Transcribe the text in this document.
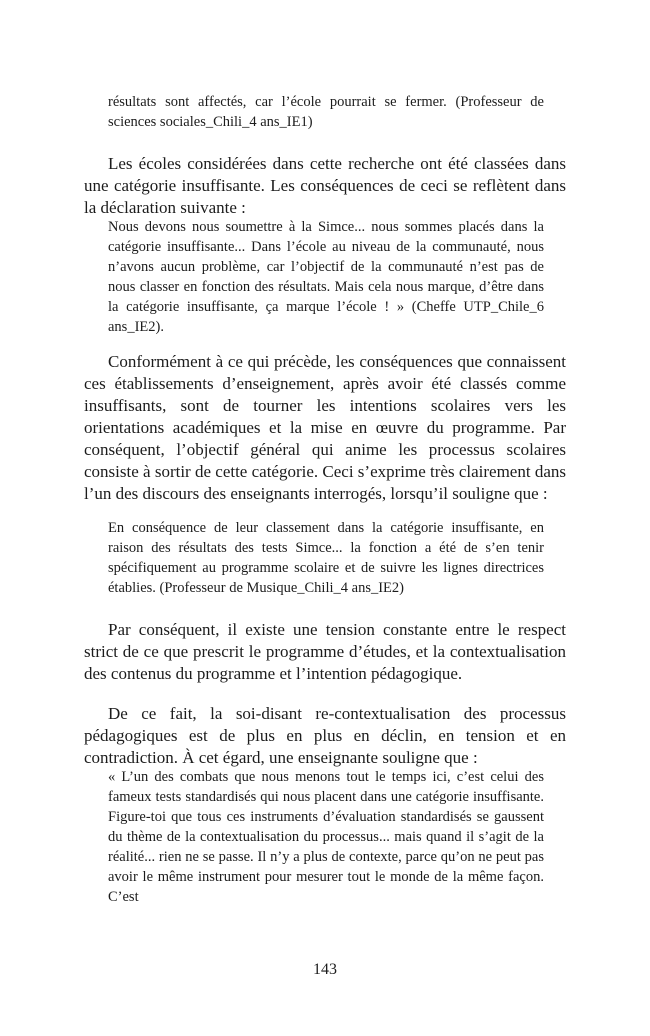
résultats sont affectés, car l’école pourrait se fermer. (Professeur de sciences sociales_Chili_4 ans_IE1)

Les écoles considérées dans cette recherche ont été classées dans une catégorie insuffisante. Les conséquences de ceci se reflètent dans la déclaration suivante :

Nous devons nous soumettre à la Simce... nous sommes placés dans la catégorie insuffisante... Dans l’école au niveau de la communauté, nous n’avons aucun problème, car l’objectif de la communauté n’est pas de nous classer en fonction des résultats. Mais cela nous marque, d’être dans la catégorie insuffisante, ça marque l’école ! » (Cheffe UTP_Chile_6 ans_IE2).

Conformément à ce qui précède, les conséquences que connaissent ces établissements d’enseignement, après avoir été classés comme insuffisants, sont de tourner les intentions scolaires vers les orientations académiques et la mise en œuvre du programme. Par conséquent, l’objectif général qui anime les processus scolaires consiste à sortir de cette catégorie. Ceci s’exprime très clairement dans l’un des discours des enseignants interrogés, lorsqu’il souligne que :

En conséquence de leur classement dans la catégorie insuffisante, en raison des résultats des tests Simce... la fonction a été de s’en tenir spécifiquement au programme scolaire et de suivre les lignes directrices établies. (Professeur de Musique_Chili_4 ans_IE2)

Par conséquent, il existe une tension constante entre le respect strict de ce que prescrit le programme d’études, et la contextualisation des contenus du programme et l’intention pédagogique.

De ce fait, la soi-disant re-contextualisation des processus pédagogiques est de plus en plus en déclin, en tension et en contradiction. À cet égard, une enseignante souligne que :

« L’un des combats que nous menons tout le temps ici, c’est celui des fameux tests standardisés qui nous placent dans une catégorie insuffisante. Figure-toi que tous ces instruments d’évaluation standardisés se gaussent du thème de la contextualisation du processus... mais quand il s’agit de la réalité... rien ne se passe. Il n’y a plus de contexte, parce qu’on ne peut pas avoir le même instrument pour mesurer tout le monde de la même façon. C’est

143
